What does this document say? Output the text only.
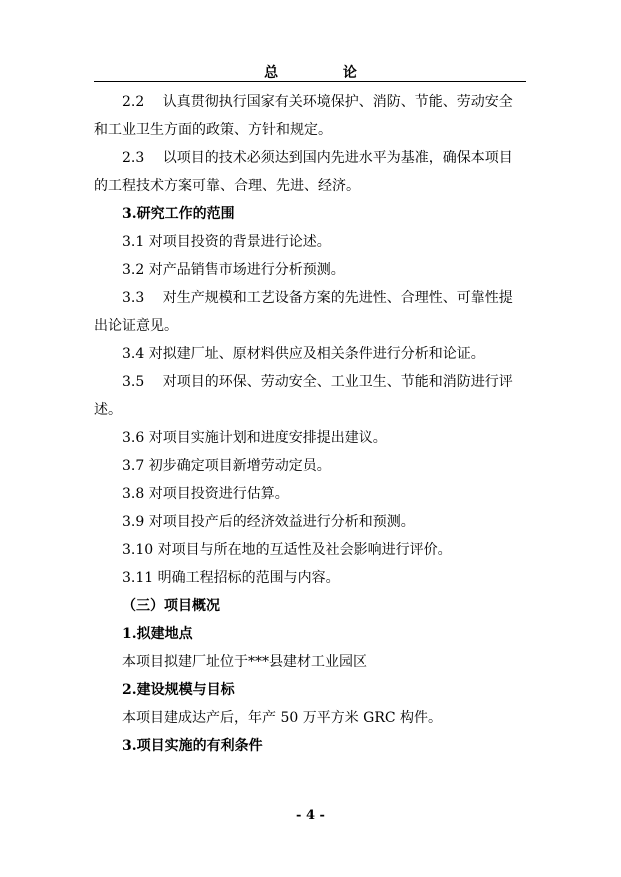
总 论

2.2　 认真贯彻执行国家有关环境保护、消防、节能、劳动安全

和工业卫生方面的政策、方针和规定。

2.3　 以项目的技术必须达到国内先进水平为基准，确保本项目

的工程技术方案可靠、合理、先进、经济。

3.研究工作的范围

3.1 对项目投资的背景进行论述。

3.2 对产品销售市场进行分析预测。

3.3　 对生产规模和工艺设备方案的先进性、合理性、可靠性提

出论证意见。

3.4 对拟建厂址、原材料供应及相关条件进行分析和论证。

3.5　 对项目的环保、劳动安全、工业卫生、节能和消防进行评

述。

3.6 对项目实施计划和进度安排提出建议。

3.7 初步确定项目新增劳动定员。

3.8 对项目投资进行估算。

3.9 对项目投产后的经济效益进行分析和预测。

3.10 对项目与所在地的互适性及社会影响进行评价。

3.11 明确工程招标的范围与内容。

（三）项目概况

1.拟建地点

本项目拟建厂址位于***县建材工业园区

2.建设规模与目标

本项目建成达产后，年产 50 万平方米 GRC 构件。

3.项目实施的有利条件

- 4 -
